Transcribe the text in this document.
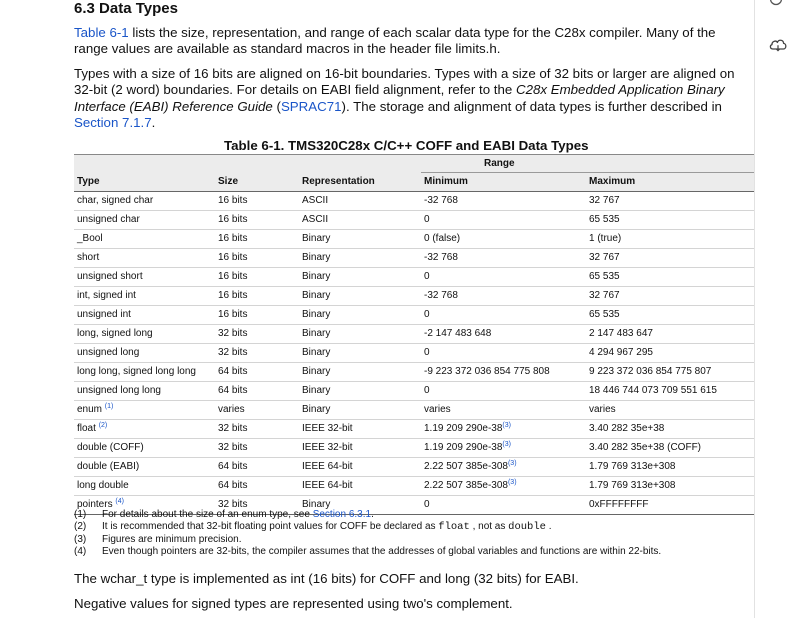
6.3 Data Types

Table 6-1 lists the size, representation, and range of each scalar data type for the C28x compiler. Many of the range values are available as standard macros in the header file limits.h.

Types with a size of 16 bits are aligned on 16-bit boundaries. Types with a size of 32 bits or larger are aligned on 32-bit (2 word) boundaries. For details on EABI field alignment, refer to the C28x Embedded Application Binary Interface (EABI) Reference Guide (SPRAC71). The storage and alignment of data types is further described in Section 7.1.7.

Table 6-1. TMS320C28x C/C++ COFF and EABI Data Types
			Range	
Type	Size	Representation	Minimum	Maximum
char, signed char	16 bits	ASCII	-32 768	32 767
unsigned char	16 bits	ASCII	0	65 535
_Bool	16 bits	Binary	0 (false)	1 (true)
short	16 bits	Binary	-32 768	32 767
unsigned short	16 bits	Binary	0	65 535
int, signed int	16 bits	Binary	-32 768	32 767
unsigned int	16 bits	Binary	0	65 535
long, signed long	32 bits	Binary	-2 147 483 648	2 147 483 647
unsigned long	32 bits	Binary	0	4 294 967 295
long long, signed long long	64 bits	Binary	-9 223 372 036 854 775 808	9 223 372 036 854 775 807
unsigned long long	64 bits	Binary	0	18 446 744 073 709 551 615
enum $^{(1)}$	varies	Binary	varies	varies
float $^{(2)}$	32 bits	IEEE 32-bit	1.19 209 290e-38$^{(3)}$	3.40 282 35e+38
double (COFF)	32 bits	IEEE 32-bit	1.19 209 290e-38$^{(3)}$	3.40 282 35e+38 (COFF)
double (EABI)	64 bits	IEEE 64-bit	2.22 507 385e-308$^{(3)}$	1.79 769 313e+308
long double	64 bits	IEEE 64-bit	2.22 507 385e-308$^{(3)}$	1.79 769 313e+308
pointers $^{(4)}$	32 bits	Binary	0	0xFFFFFFFF
(1)	For details about the size of an enum type, see Section 6.3.1.
(2)	It is recommended that 32-bit floating point values for COFF be declared as float , not as double .
(3)	Figures are minimum precision.
(4)	Even though pointers are 32-bits, the compiler assumes that the addresses of global variables and functions are within 22-bits.

The wchar_t type is implemented as int (16 bits) for COFF and long (32 bits) for EABI.

Negative values for signed types are represented using two's complement.
